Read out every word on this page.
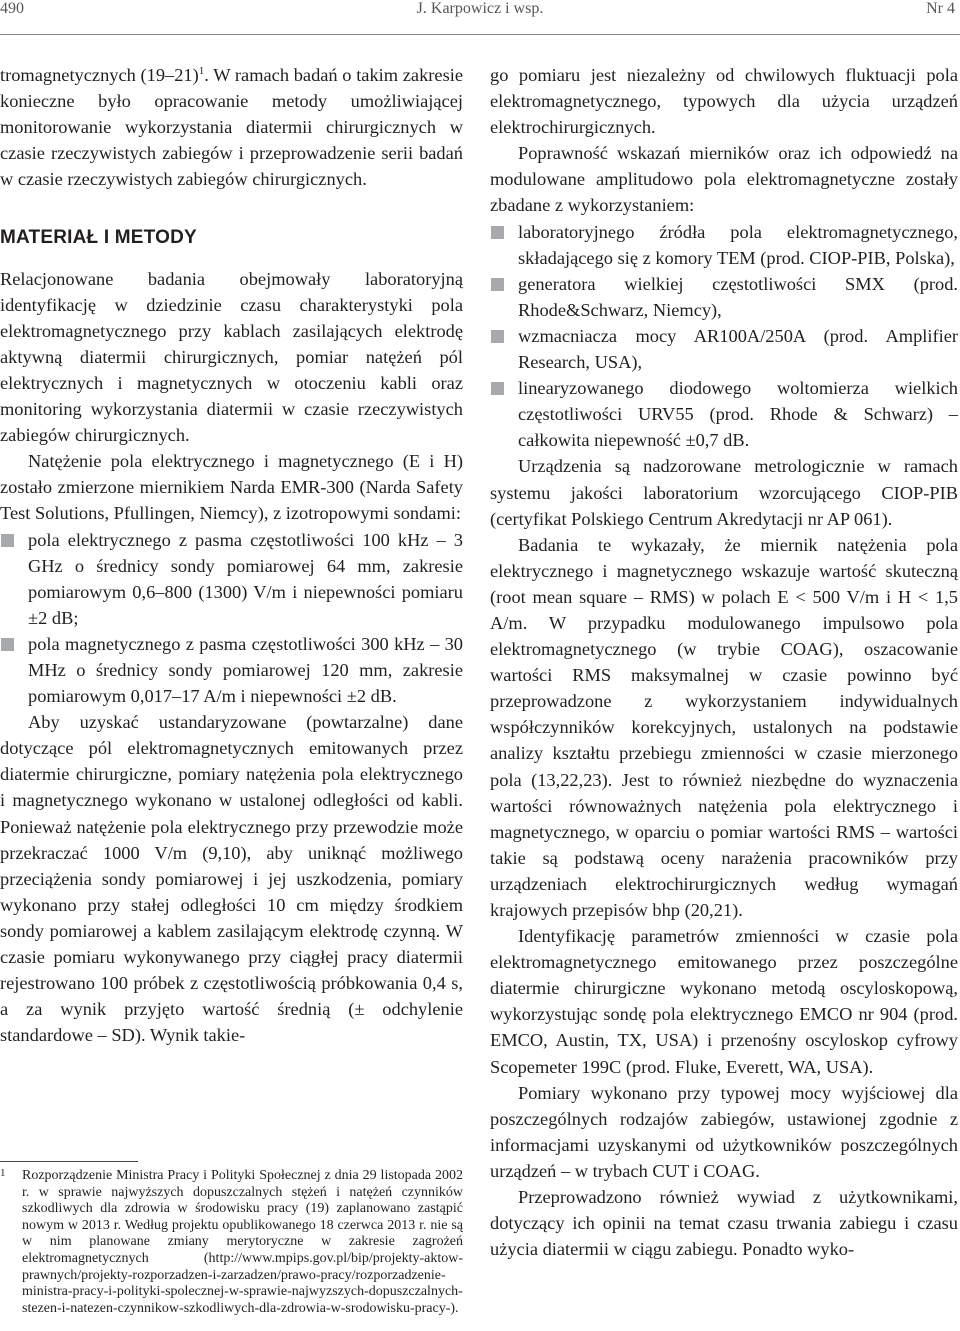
490	J. Karpowicz i wsp.	Nr 4

tromagnetycznych $(19-21)^1$. W ramach badań o takim zakresie konieczne było opracowanie metody umożliwiającej monitorowanie wykorzystania diatermii chirurgicznych w czasie rzeczywistych zabiegów i przeprowadzenie serii badań w czasie rzeczywistych zabiegów chirurgicznych.

MATERIAŁ I METODY

Relacjonowane badania obejmowały laboratoryjną identyfikację w dziedzinie czasu charakterystyki pola elektromagnetycznego przy kablach zasilających elektrodę aktywną diatermii chirurgicznych, pomiar natężeń pól elektrycznych i magnetycznych w otoczeniu kabli oraz monitoring wykorzystania diatermii w czasie rzeczywistych zabiegów chirurgicznych.

Natężenie pola elektrycznego i magnetycznego (E i H) zostało zmierzone miernikiem Narda EMR-300 (Narda Safety Test Solutions, Pfullingen, Niemcy), z izotropowymi sondami:

pola elektrycznego z pasma częstotliwości 100 kHz – 3 GHz o średnicy sondy pomiarowej 64 mm, zakresie pomiarowym 0,6–800 (1300) V/m i niepewności pomiaru ±2 dB;
pola magnetycznego z pasma częstotliwości 300 kHz – 30 MHz o średnicy sondy pomiarowej 120 mm, zakresie pomiarowym 0,017–17 A/m i niepewności ±2 dB.

Aby uzyskać ustandaryzowane (powtarzalne) dane dotyczące pól elektromagnetycznych emitowanych przez diatermie chirurgiczne, pomiary natężenia pola elektrycznego i magnetycznego wykonano w ustalonej odległości od kabli. Ponieważ natężenie pola elektrycznego przy przewodzie może przekraczać 1000 V/m (9,10), aby uniknąć możliwego przeciążenia sondy pomiarowej i jej uszkodzenia, pomiary wykonano przy stałej odległości 10 cm między środkiem sondy pomiarowej a kablem zasilającym elektrodę czynną. W czasie pomiaru wykonywanego przy ciągłej pracy diatermii rejestrowano 100 próbek z częstotliwością próbkowania 0,4 s, a za wynik przyjęto wartość średnią (± odchylenie standardowe – SD). Wynik takie-

1	Rozporządzenie Ministra Pracy i Polityki Społecznej z dnia 29 listopada 2002 r. w sprawie najwyższych dopuszczalnych stężeń i natężeń czynników szkodliwych dla zdrowia w środowisku pracy (19) zaplanowano zastąpić nowym w 2013 r. Według projektu opublikowanego 18 czerwca 2013 r. nie są w nim planowane zmiany merytoryczne w zakresie zagrożeń elektromagnetycznych (http://www.mpips.gov.pl/bip/projekty-aktow-prawnych/projekty-rozporzadzen-i-zarzadzen/prawo-pracy/rozporzadzenie-ministra-pracy-i-polityki-spolecznej-w-sprawie-najwyzszych-dopuszczalnych-stezen-i-natezen-czynnikow-szkodliwych-dla-zdrowia-w-srodowisku-pracy-).

go pomiaru jest niezależny od chwilowych fluktuacji pola elektromagnetycznego, typowych dla użycia urządzeń elektrochirurgicznych.

Poprawność wskazań mierników oraz ich odpowiedź na modulowane amplitudowo pola elektromagnetyczne zostały zbadane z wykorzystaniem:

laboratoryjnego źródła pola elektromagnetycznego, składającego się z komory TEM (prod. CIOP-PIB, Polska),
generatora wielkiej częstotliwości SMX (prod. Rhode&Schwarz, Niemcy),
wzmacniacza mocy AR100A/250A (prod. Amplifier Research, USA),
linearyzowanego diodowego woltomierza wielkich częstotliwości URV55 (prod. Rhode & Schwarz) – całkowita niepewność ±0,7 dB.

Urządzenia są nadzorowane metrologicznie w ramach systemu jakości laboratorium wzorcującego CIOP-PIB (certyfikat Polskiego Centrum Akredytacji nr AP 061).

Badania te wykazały, że miernik natężenia pola elektrycznego i magnetycznego wskazuje wartość skuteczną (root mean square – RMS) w polach E < 500 V/m i H < 1,5 A/m. W przypadku modulowanego impulsowo pola elektromagnetycznego (w trybie COAG), oszacowanie wartości RMS maksymalnej w czasie powinno być przeprowadzone z wykorzystaniem indywidualnych współczynników korekcyjnych, ustalonych na podstawie analizy kształtu przebiegu zmienności w czasie mierzonego pola (13,22,23). Jest to również niezbędne do wyznaczenia wartości równoważnych natężenia pola elektrycznego i magnetycznego, w oparciu o pomiar wartości RMS – wartości takie są podstawą oceny narażenia pracowników przy urządzeniach elektrochirurgicznych według wymagań krajowych przepisów bhp (20,21).

Identyfikację parametrów zmienności w czasie pola elektromagnetycznego emitowanego przez poszczególne diatermie chirurgiczne wykonano metodą oscyloskopową, wykorzystując sondę pola elektrycznego EMCO nr 904 (prod. EMCO, Austin, TX, USA) i przenośny oscyloskop cyfrowy Scopemeter 199C (prod. Fluke, Everett, WA, USA).

Pomiary wykonano przy typowej mocy wyjściowej dla poszczególnych rodzajów zabiegów, ustawionej zgodnie z informacjami uzyskanymi od użytkowników poszczególnych urządzeń – w trybach CUT i COAG.

Przeprowadzono również wywiad z użytkownikami, dotyczący ich opinii na temat czasu trwania zabiegu i czasu użycia diatermii w ciągu zabiegu. Ponadto wyko-
